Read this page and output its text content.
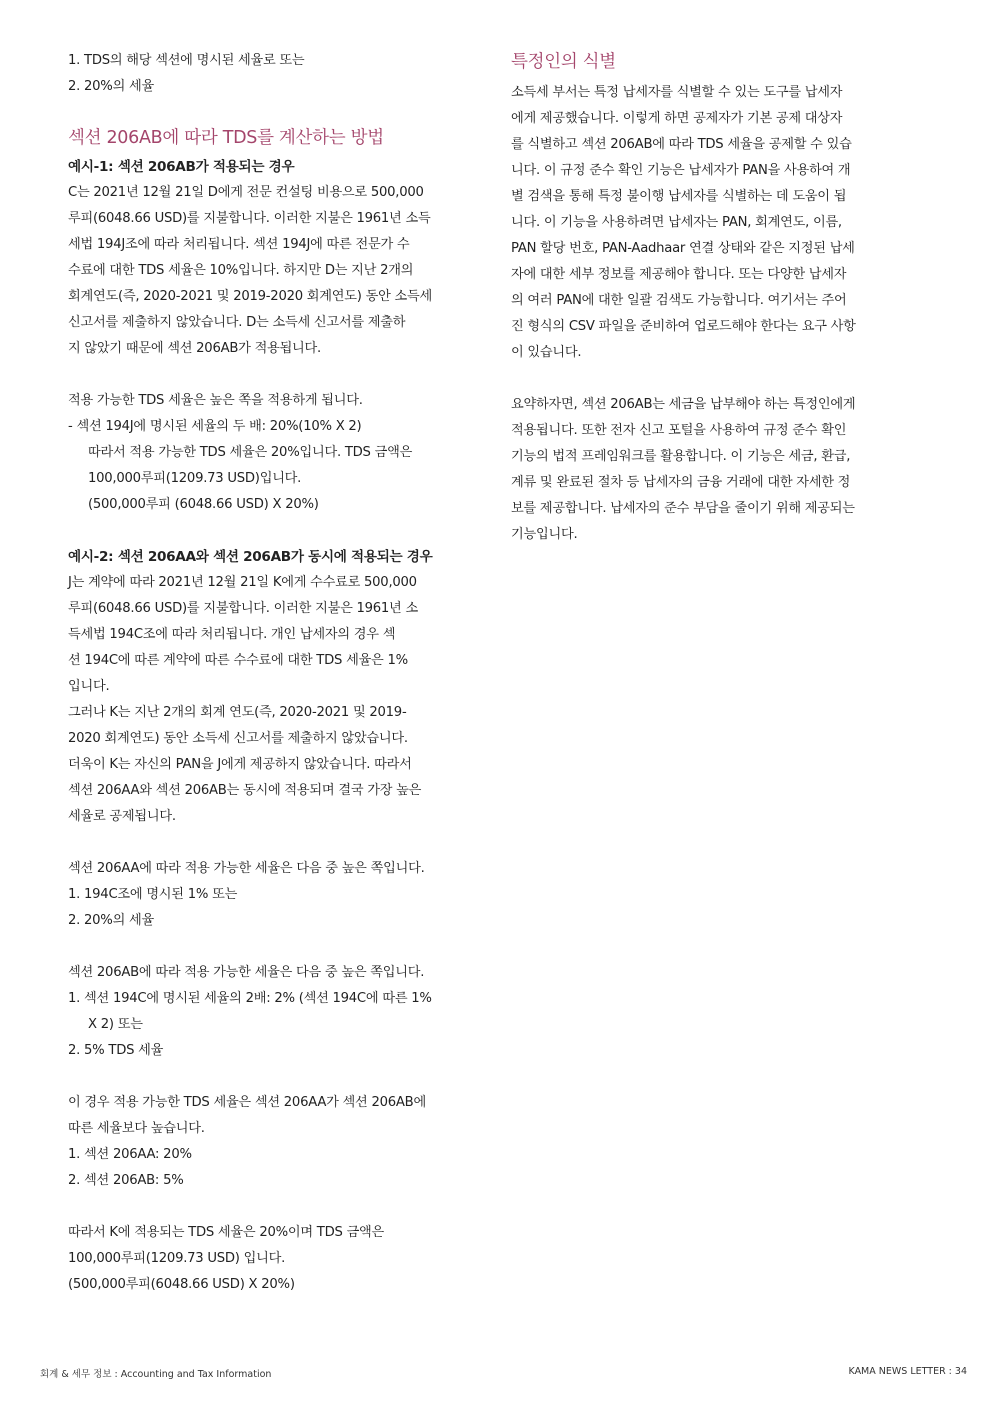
1. TDS의 해당 섹션에 명시된 세율로 또는
2. 20%의 세율
섹션 206AB에 따라 TDS를 계산하는 방법
예시-1: 섹션 206AB가 적용되는 경우
C는 2021년 12월 21일 D에게 전문 컨설팅 비용으로 500,000
루피(6048.66 USD)를 지불합니다. 이러한 지불은 1961년 소득
세법 194J조에 따라 처리됩니다. 섹션 194J에 따른 전문가 수
수료에 대한 TDS 세율은 10%입니다. 하지만 D는 지난 2개의
회계연도(즉, 2020-2021 및 2019-2020 회계연도) 동안 소득세
신고서를 제출하지 않았습니다. D는 소득세 신고서를 제출하
지 않았기 때문에 섹션 206AB가 적용됩니다.
적용 가능한 TDS 세율은 높은 쪽을 적용하게 됩니다.
- 섹션 194J에 명시된 세율의 두 배: 20%(10% X 2)
따라서 적용 가능한 TDS 세율은 20%입니다. TDS 금액은
100,000루피(1209.73 USD)입니다.
(500,000루피 (6048.66 USD) X 20%)
예시-2: 섹션 206AA와 섹션 206AB가 동시에 적용되는 경우
J는 계약에 따라 2021년 12월 21일 K에게 수수료로 500,000
루피(6048.66 USD)를 지불합니다. 이러한 지불은 1961년 소
득세법 194C조에 따라 처리됩니다. 개인 납세자의 경우 섹
션 194C에 따른 계약에 따른 수수료에 대한 TDS 세율은 1%
입니다.
그러나 K는 지난 2개의 회계 연도(즉, 2020-2021 및 2019-
2020 회계연도) 동안 소득세 신고서를 제출하지 않았습니다.
더욱이 K는 자신의 PAN을 J에게 제공하지 않았습니다. 따라서
섹션 206AA와 섹션 206AB는 동시에 적용되며 결국 가장 높은
세율로 공제됩니다.
섹션 206AA에 따라 적용 가능한 세율은 다음 중 높은 쪽입니다.
1. 194C조에 명시된 1% 또는
2. 20%의 세율
섹션 206AB에 따라 적용 가능한 세율은 다음 중 높은 쪽입니다.
1. 섹션 194C에 명시된 세율의 2배: 2% (섹션 194C에 따른 1%
X 2) 또는
2. 5% TDS 세율
이 경우 적용 가능한 TDS 세율은 섹션 206AA가 섹션 206AB에
따른 세율보다 높습니다.
1. 섹션 206AA: 20%
2. 섹션 206AB: 5%
따라서 K에 적용되는 TDS 세율은 20%이며 TDS 금액은
100,000루피(1209.73 USD) 입니다.
(500,000루피(6048.66 USD) X 20%)
특정인의 식별
소득세 부서는 특정 납세자를 식별할 수 있는 도구를 납세자
에게 제공했습니다. 이렇게 하면 공제자가 기본 공제 대상자
를 식별하고 섹션 206AB에 따라 TDS 세율을 공제할 수 있습
니다. 이 규정 준수 확인 기능은 납세자가 PAN을 사용하여 개
별 검색을 통해 특정 불이행 납세자를 식별하는 데 도움이 됩
니다. 이 기능을 사용하려면 납세자는 PAN, 회계연도, 이름,
PAN 할당 번호, PAN-Aadhaar 연결 상태와 같은 지정된 납세
자에 대한 세부 정보를 제공해야 합니다. 또는 다양한 납세자
의 여러 PAN에 대한 일괄 검색도 가능합니다. 여기서는 주어
진 형식의 CSV 파일을 준비하여 업로드해야 한다는 요구 사항
이 있습니다.
요약하자면, 섹션 206AB는 세금을 납부해야 하는 특정인에게
적용됩니다. 또한 전자 신고 포털을 사용하여 규정 준수 확인
기능의 법적 프레임워크를 활용합니다. 이 기능은 세금, 환급,
계류 및 완료된 절차 등 납세자의 금융 거래에 대한 자세한 정
보를 제공합니다. 납세자의 준수 부담을 줄이기 위해 제공되는
기능입니다.
회계 & 세무 정보 : Accounting and Tax Information	KAMA NEWS LETTER : 34
